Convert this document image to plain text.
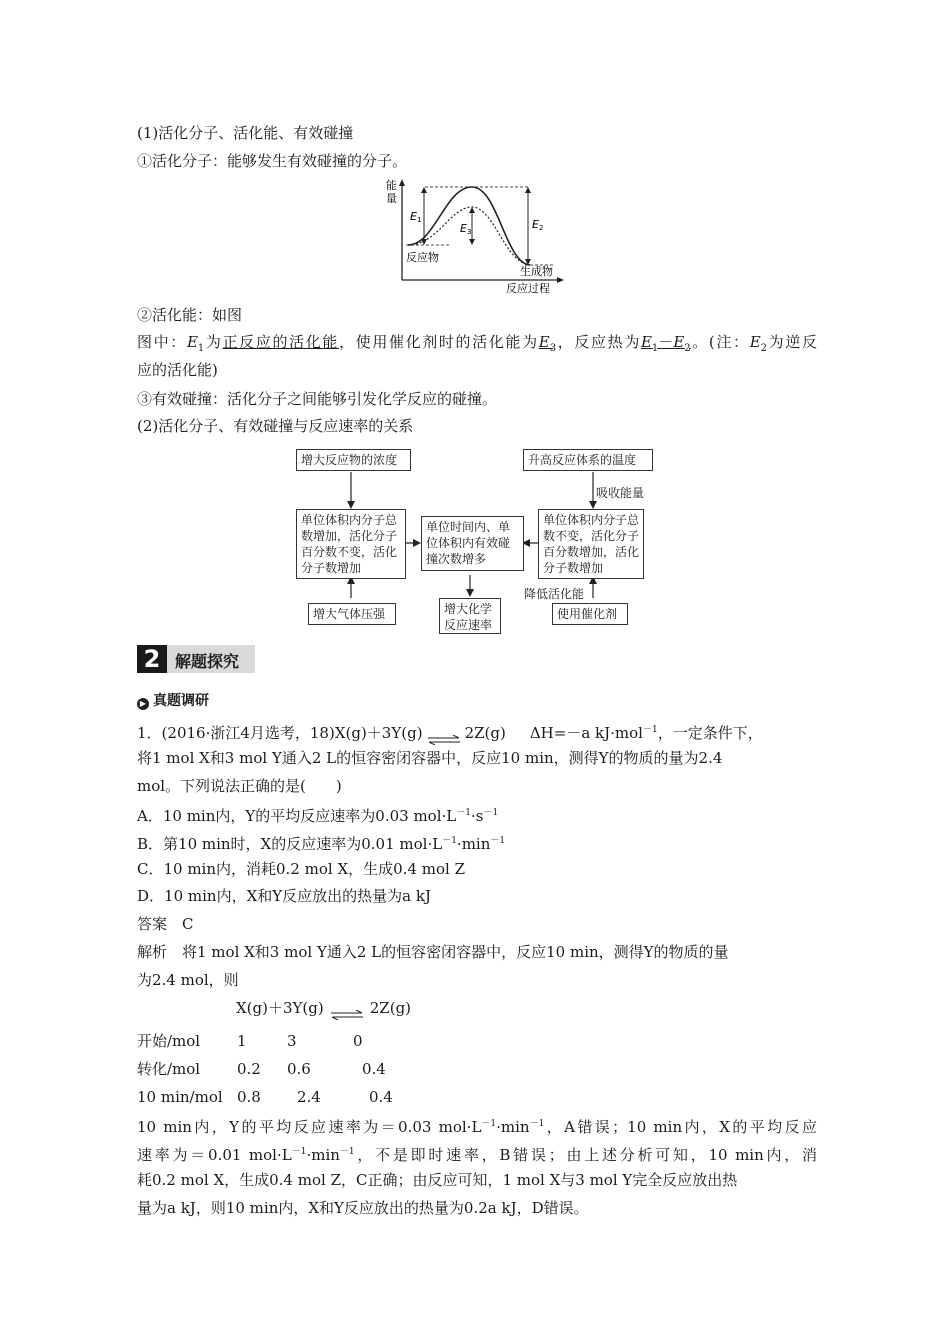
(1)活化分子、活化能、有效碰撞
①活化分子：能够发生有效碰撞的分子。
能
量
E1
E3
E2
反应物
生成物
反应过程
②活化能：如图
图中：$E_1$为正反应的活化能，使用催化剂时的活化能为$E_3$，反应热为$E_1-E_2$。(注：$E_2$为逆反
应的活化能)
③有效碰撞：活化分子之间能够引发化学反应的碰撞。
(2)活化分子、有效碰撞与反应速率的关系
增大反应物的浓度	升高反应体系的温度
吸收能量
单位体积内分子总数增加，活化分子百分数不变，活化分子数增加
单位时间内、单位体积内有效碰撞次数增多
单位体积内分子总数不变，活化分子百分数增加，活化分子数增加
增大气体压强	增大化学反应速率
降低活化能
使用催化剂
2 解题探究
▶ 真题调研
1．(2016·浙江4月选考，18)X(g)＋3Y(g)	2Z(g) ΔH=－a kJ·mol$^{-1}$，一定条件下，
将1 mol X和3 mol Y通入2 L的恒容密闭容器中，反应10 min，测得Y的物质的量为2.4
mol。下列说法正确的是(　　)
A．10 min内，Y的平均反应速率为0.03 $mol\cdot L^{-1}\cdot s^{-1}$
B．第10 min时，X的反应速率为0.01 $mol\cdot L^{-1}\cdot\min^{-1}$
C．10 min内，消耗0.2 mol X，生成0.4 mol Z
D．10 min内，X和Y反应放出的热量为a kJ
答案　C
解析　将1 mol X和3 mol Y通入2 L的恒容密闭容器中，反应10 min，测得Y的物质的量
为2.4 mol，则
X(g)＋3Y(g)	2Z(g)
开始/mol 1	3	0
转化/mol 0.2 0.6	0.4
10 min/mol 0.8 2.4	0.4
10 min内，Y的平均反应速率为＝0.03 $mol\cdot L^{-1}\cdot\min^{-1}$，A错误；10 min内，X的平均反应
速率为＝0.01 $mol\cdot L^{-1}\cdot\min^{-1}$，不是即时速率，B错误；由上述分析可知，10 min内，消
耗0.2 mol X，生成0.4 mol Z，C正确；由反应可知，1 mol X与3 mol Y完全反应放出热
量为a kJ，则10 min内，X和Y反应放出的热量为0.2a kJ，D错误。
